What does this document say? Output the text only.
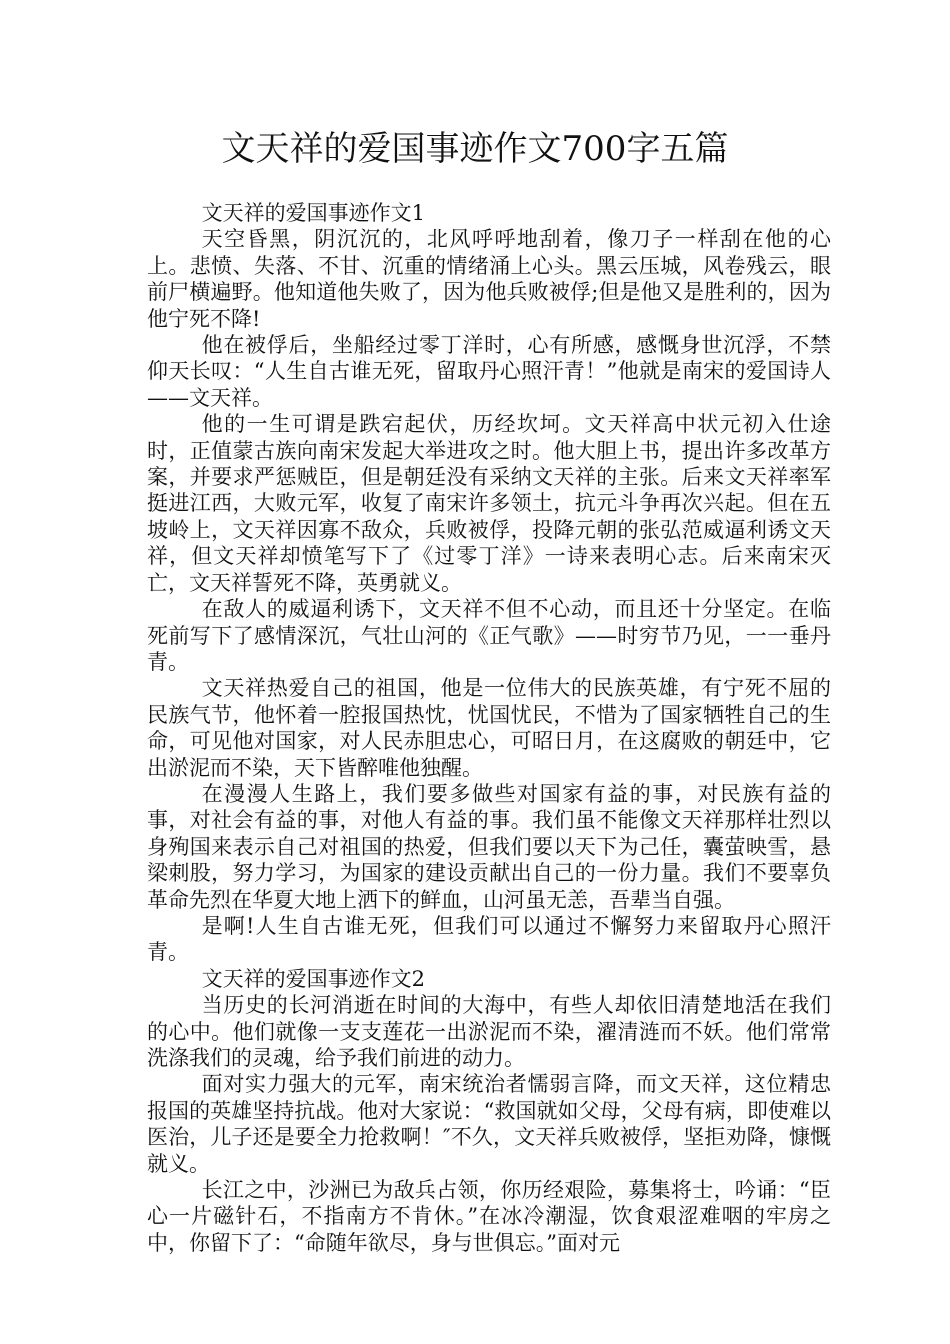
文天祥的爱国事迹作文700字五篇

文天祥的爱国事迹作文1

天空昏黑，阴沉沉的，北风呼呼地刮着，像刀子一样刮在他的心上。悲愤、失落、不甘、沉重的情绪涌上心头。黑云压城，风卷残云，眼前尸横遍野。他知道他失败了，因为他兵败被俘;但是他又是胜利的，因为他宁死不降!

他在被俘后，坐船经过零丁洋时，心有所感，感慨身世沉浮，不禁仰天长叹：“人生自古谁无死，留取丹心照汗青！”他就是南宋的爱国诗人——文天祥。

他的一生可谓是跌宕起伏，历经坎坷。文天祥高中状元初入仕途时，正值蒙古族向南宋发起大举进攻之时。他大胆上书，提出许多改革方案，并要求严惩贼臣，但是朝廷没有采纳文天祥的主张。后来文天祥率军挺进江西，大败元军，收复了南宋许多领土，抗元斗争再次兴起。但在五坡岭上，文天祥因寡不敌众，兵败被俘，投降元朝的张弘范威逼利诱文天祥，但文天祥却愤笔写下了《过零丁洋》一诗来表明心志。后来南宋灭亡，文天祥誓死不降，英勇就义。

在敌人的威逼利诱下，文天祥不但不心动，而且还十分坚定。在临死前写下了感情深沉，气壮山河的《正气歌》——时穷节乃见，一一垂丹青。

文天祥热爱自己的祖国，他是一位伟大的民族英雄，有宁死不屈的民族气节，他怀着一腔报国热忱，忧国忧民，不惜为了国家牺牲自己的生命，可见他对国家，对人民赤胆忠心，可昭日月，在这腐败的朝廷中，它出淤泥而不染，天下皆醉唯他独醒。

在漫漫人生路上，我们要多做些对国家有益的事，对民族有益的事，对社会有益的事，对他人有益的事。我们虽不能像文天祥那样壮烈以身殉国来表示自己对祖国的热爱，但我们要以天下为己任，囊萤映雪，悬梁刺股，努力学习，为国家的建设贡献出自己的一份力量。我们不要辜负革命先烈在华夏大地上洒下的鲜血，山河虽无恙，吾辈当自强。

是啊!人生自古谁无死，但我们可以通过不懈努力来留取丹心照汗青。

文天祥的爱国事迹作文2

当历史的长河消逝在时间的大海中，有些人却依旧清楚地活在我们的心中。他们就像一支支莲花一出淤泥而不染，濯清涟而不妖。他们常常洗涤我们的灵魂，给予我们前进的动力。

面对实力强大的元军，南宋统治者懦弱言降，而文天祥，这位精忠报国的英雄坚持抗战。他对大家说：“救国就如父母，父母有病，即使难以医治，儿子还是要全力抢救啊！″不久，文天祥兵败被俘，坚拒劝降，慷慨就义。

长江之中，沙洲已为敌兵占领，你历经艰险，募集将士，吟诵：“臣心一片磁针石，不指南方不肯休。”在冰冷潮湿，饮食艰涩难咽的牢房之中，你留下了：“命随年欲尽，身与世俱忘。”面对元
